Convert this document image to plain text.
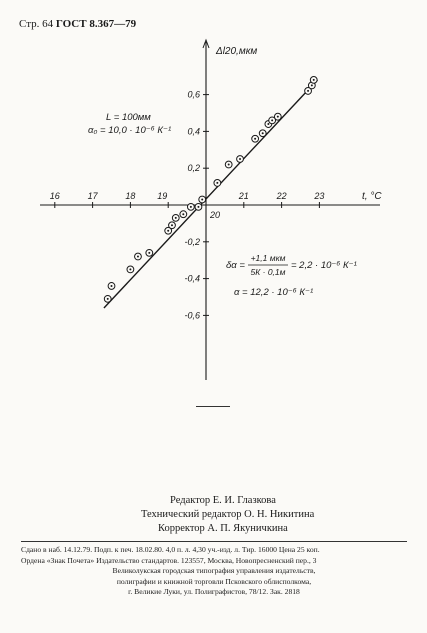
Стр. 64 ГОСТ 8.367—79
16	17	18 19	21	22	23
20
0,2
0,4
0,6
-0,2
-0,4
-0,6
Δl20,мкм
t, °C
L = 100мм
α₀ = 10,0 · 10⁻⁶ К⁻¹
δα =
+1,1 мкм
5К · 0,1м
= 2,2 · 10⁻⁶ К⁻¹
α = 12,2 · 10⁻⁶ К⁻¹
Редактор Е. И. Глазкова
Технический редактор О. Н. Никитина
Корректор А. П. Якуничкина
Сдано в наб. 14.12.79. Подп. к печ. 18.02.80. 4,0 п. л. 4,30 уч.-изд. л. Тир. 16000 Цена 25 коп.
Ордена «Знак Почета» Издательство стандартов. 123557, Москва, Новопресненский пер., 3
Великолукская городская типография управления издательств,
полиграфии и книжной торговли Псковского облисполкома,
г. Великие Луки, ул. Полиграфистов, 78/12. Зак. 2818
